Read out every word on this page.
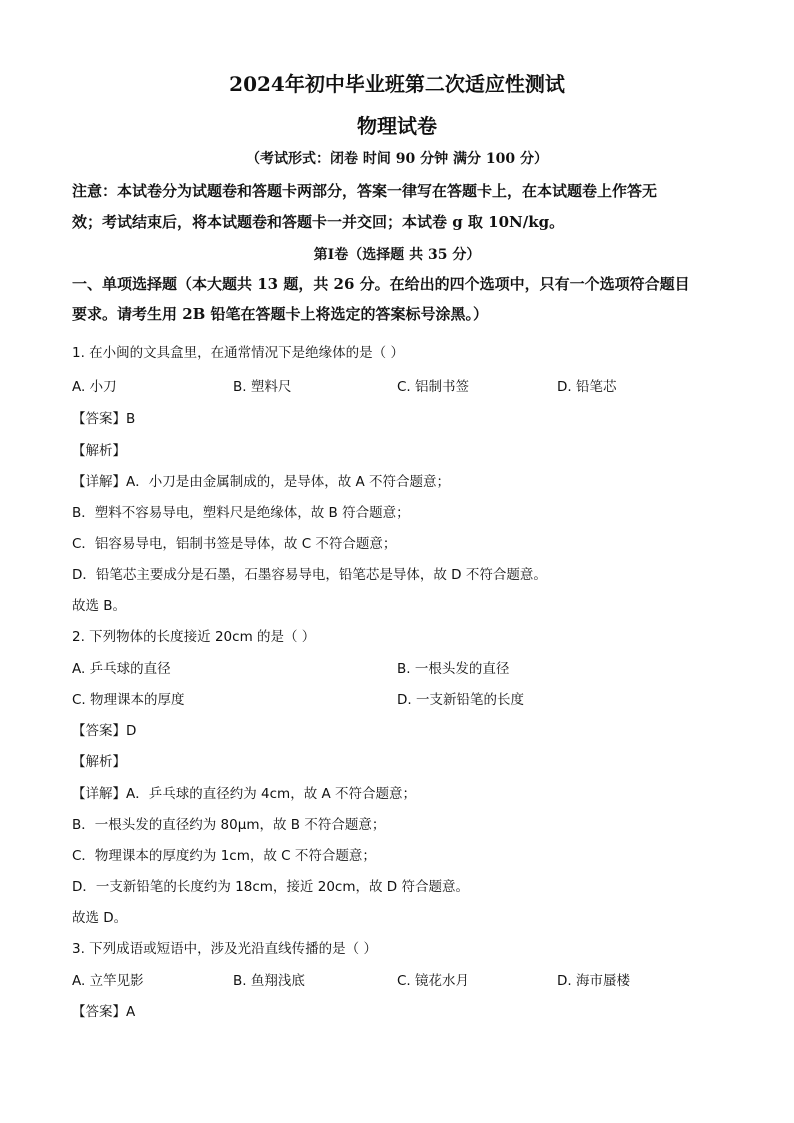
2024年初中毕业班第二次适应性测试
物理试卷
（考试形式：闭卷 时间 90 分钟 满分 100 分）
注意：本试卷分为试题卷和答题卡两部分，答案一律写在答题卡上，在本试题卷上作答无
效；考试结束后，将本试题卷和答题卡一并交回；本试卷 g 取 10N/kg。
第Ⅰ卷（选择题 共 35 分）
一、单项选择题（本大题共 13 题，共 26 分。在给出的四个选项中，只有一个选项符合题目
要求。请考生用 2B 铅笔在答题卡上将选定的答案标号涂黑。）
1. 在小闽的文具盒里，在通常情况下是绝缘体的是（ ）
A. 小刀	B. 塑料尺	C. 铝制书签	D. 铅笔芯
【答案】B
【解析】
【详解】A．小刀是由金属制成的，是导体，故 A 不符合题意；
B．塑料不容易导电，塑料尺是绝缘体，故 B 符合题意；
C．铝容易导电，铝制书签是导体，故 C 不符合题意；
D．铅笔芯主要成分是石墨，石墨容易导电，铅笔芯是导体，故 D 不符合题意。
故选 B。
2. 下列物体的长度接近 20cm 的是（ ）
A. 乒乓球的直径	B. 一根头发的直径
C. 物理课本的厚度	D. 一支新铅笔的长度
【答案】D
【解析】
【详解】A．乒乓球的直径约为 4cm，故 A 不符合题意；
B．一根头发的直径约为 80μm，故 B 不符合题意；
C．物理课本的厚度约为 1cm，故 C 不符合题意；
D．一支新铅笔的长度约为 18cm，接近 20cm，故 D 符合题意。
故选 D。
3. 下列成语或短语中，涉及光沿直线传播的是（ ）
A. 立竿见影	B. 鱼翔浅底	C. 镜花水月	D. 海市蜃楼
【答案】A
